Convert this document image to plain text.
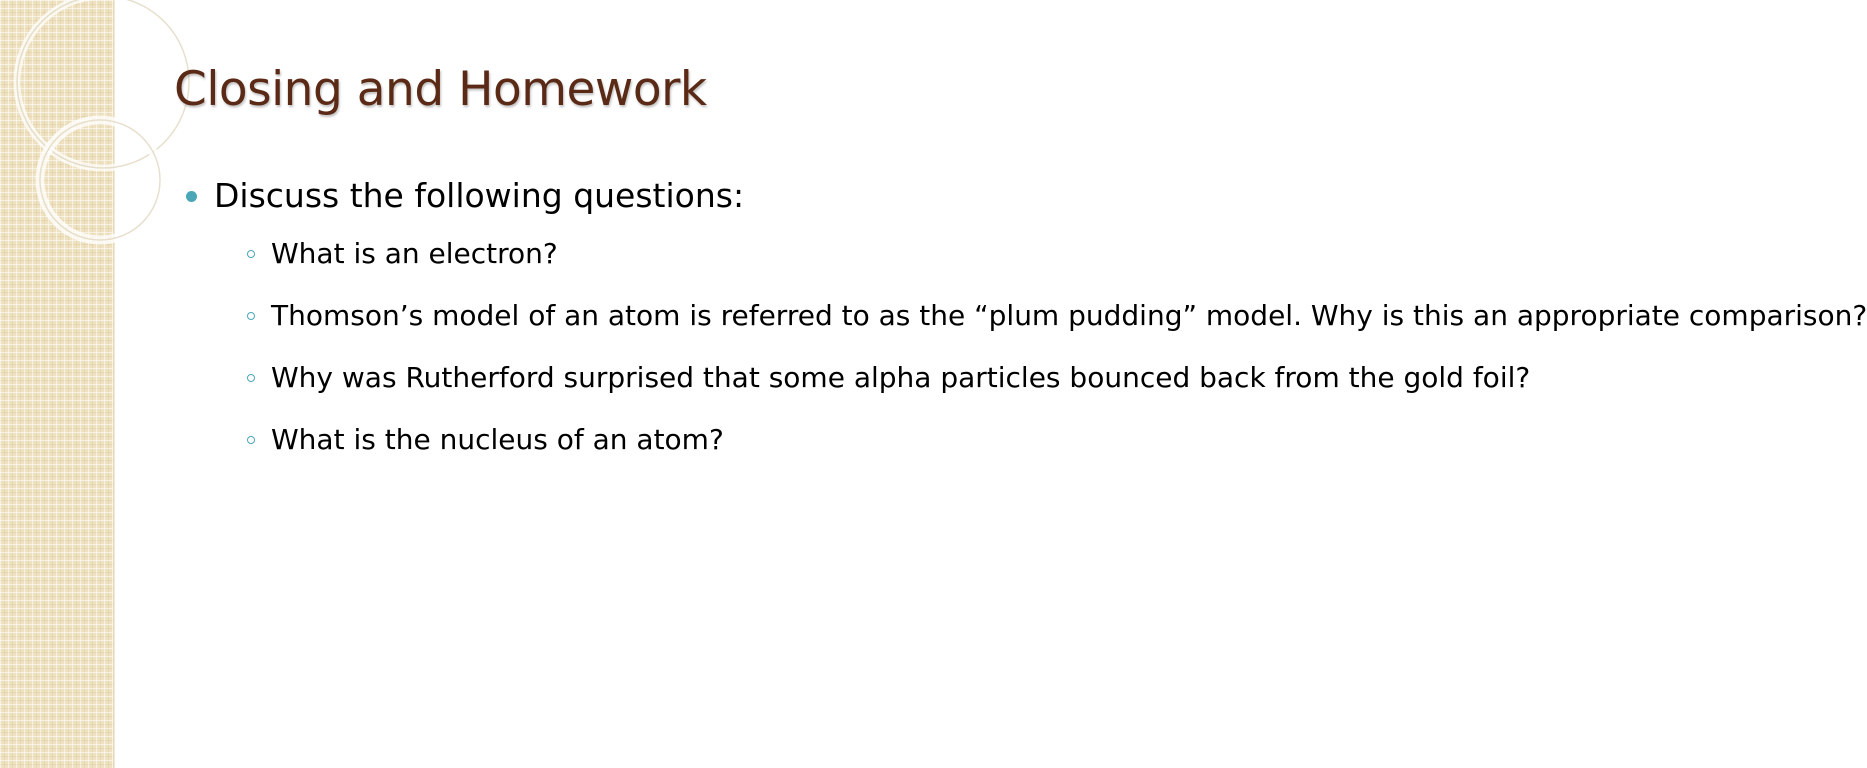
Closing and Homework
Discuss the following questions:
What is an electron?
Thomson’s model of an atom is referred to as the “plum pudding” model. Why is this an appropriate comparison?
Why was Rutherford surprised that some alpha particles bounced back from the gold foil?
What is the nucleus of an atom?
